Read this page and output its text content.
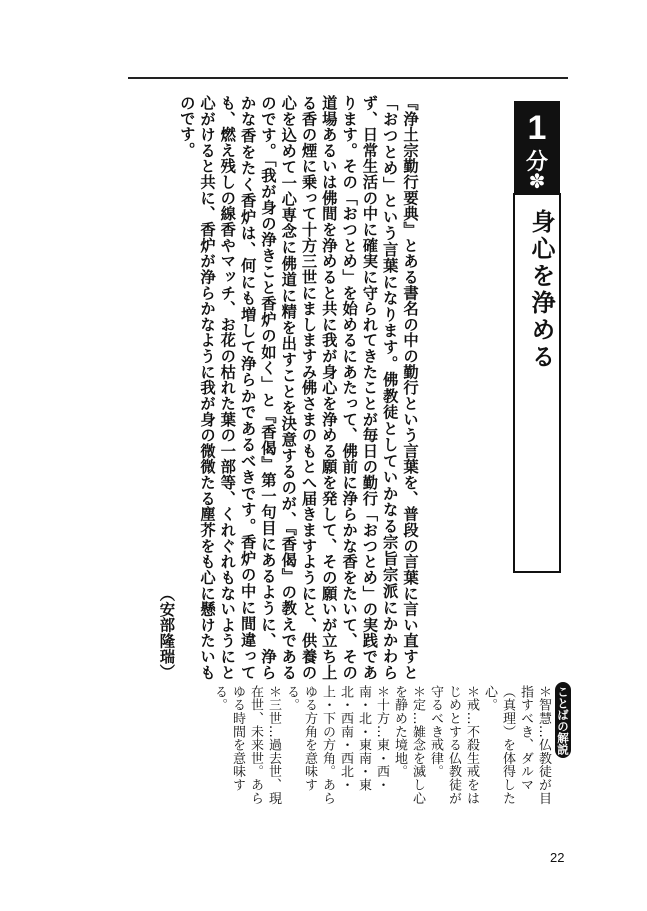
1
分
✽
身心を浄める

『浄土宗勤行要典』とある書名の中の勤行という言葉を、普段の言葉に言い直すと「おつとめ」という言葉になります。佛教徒としていかなる宗旨宗派にかかわらず、日常生活の中に確実に守られてきたことが毎日の勤行「おつとめ」の実践であります。その「おつとめ」を始めるにあたって、佛前に浄らかな香をたいて、その道場あるいは佛間を浄めると共に我が身心を浄める願を発して、その願いが立ち上る香の煙に乗って十方三世にましますみ佛さまのもとへ届きますようにと、供養の心を込めて一心専念に佛道に精を出すことを決意するのが、『香偈』の教えであるのです。「我が身の浄きこと香炉の如く」と『香偈』第一句目にあるように、浄らかな香をたく香炉は、何にも増して浄らかであるべきです。香炉の中に間違っても、燃え残しの線香やマッチ、お花の枯れた葉の一部等、くれぐれもないようにと心がけると共に、香炉が浄らかなように我が身の微微たる塵芥をも心に懸けたいものです。

（安部隆瑞）
ことばの解説

＊智慧…仏教徒が目指すべき、ダルマ（真理）を体得した心。

＊戒…不殺生戒をはじめとする仏教徒が守るべき戒律。

＊定…雑念を滅し心を静めた境地。

＊十方…東・西・南・北・東南・東北・西南・西北・上・下の方角。あらゆる方角を意味する。

＊三世…過去世、現在世、未来世。あらゆる時間を意味する。

22
